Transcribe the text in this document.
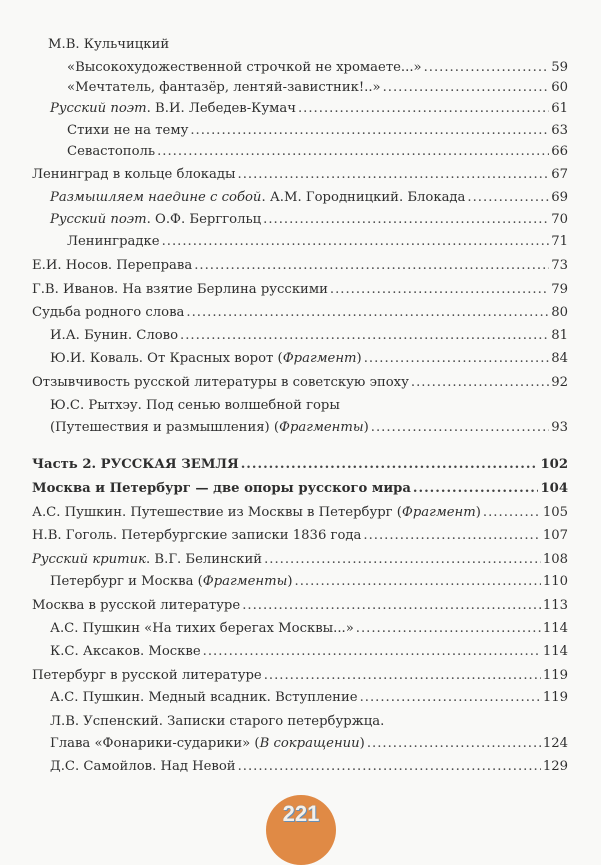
М.В. Кульчицкий
«Высокохудожественной строчкой не хромаете...» .....	59
«Мечтатель, фантазёр, лентяй-завистник!..» .....	60
Русский поэт. В.И. Лебедев-Кумач .....	61
Стихи не на тему .....	63
Севастополь .....	66
Ленинград в кольце блокады .....	67
Размышляем наедине с собой. А.М. Городницкий. Блокада .....	69
Русский поэт. О.Ф. Берггольц .....	70
Ленинградке .....	71
Е.И. Носов. Переправа .....	73
Г.В. Иванов. На взятие Берлина русскими .....	79
Судьба родного слова .....	80
И.А. Бунин. Слово .....	81
Ю.И. Коваль. От Красных ворот (Фрагмент) .....	84
Отзывчивость русской литературы в советскую эпоху .....	92
Ю.С. Рытхэу. Под сенью волшебной горы
(Путешествия и размышления) (Фрагменты) .....	93
Часть 2. РУССКАЯ ЗЕМЛЯ .....	102
Москва и Петербург — две опоры русского мира .....	104
А.С. Пушкин. Путешествие из Москвы в Петербург (Фрагмент) .....	105
Н.В. Гоголь. Петербургские записки 1836 года .....	107
Русский критик. В.Г. Белинский .....	108
Петербург и Москва (Фрагменты) .....	110
Москва в русской литературе .....	113
А.С. Пушкин «На тихих берегах Москвы...» .....	114
К.С. Аксаков. Москве .....	114
Петербург в русской литературе .....	119
А.С. Пушкин. Медный всадник. Вступление .....	119
Л.В. Успенский. Записки старого петербуржца.
Глава «Фонарики-сударики» (В сокращении) .....	124
Д.С. Самойлов. Над Невой .....	129
221
